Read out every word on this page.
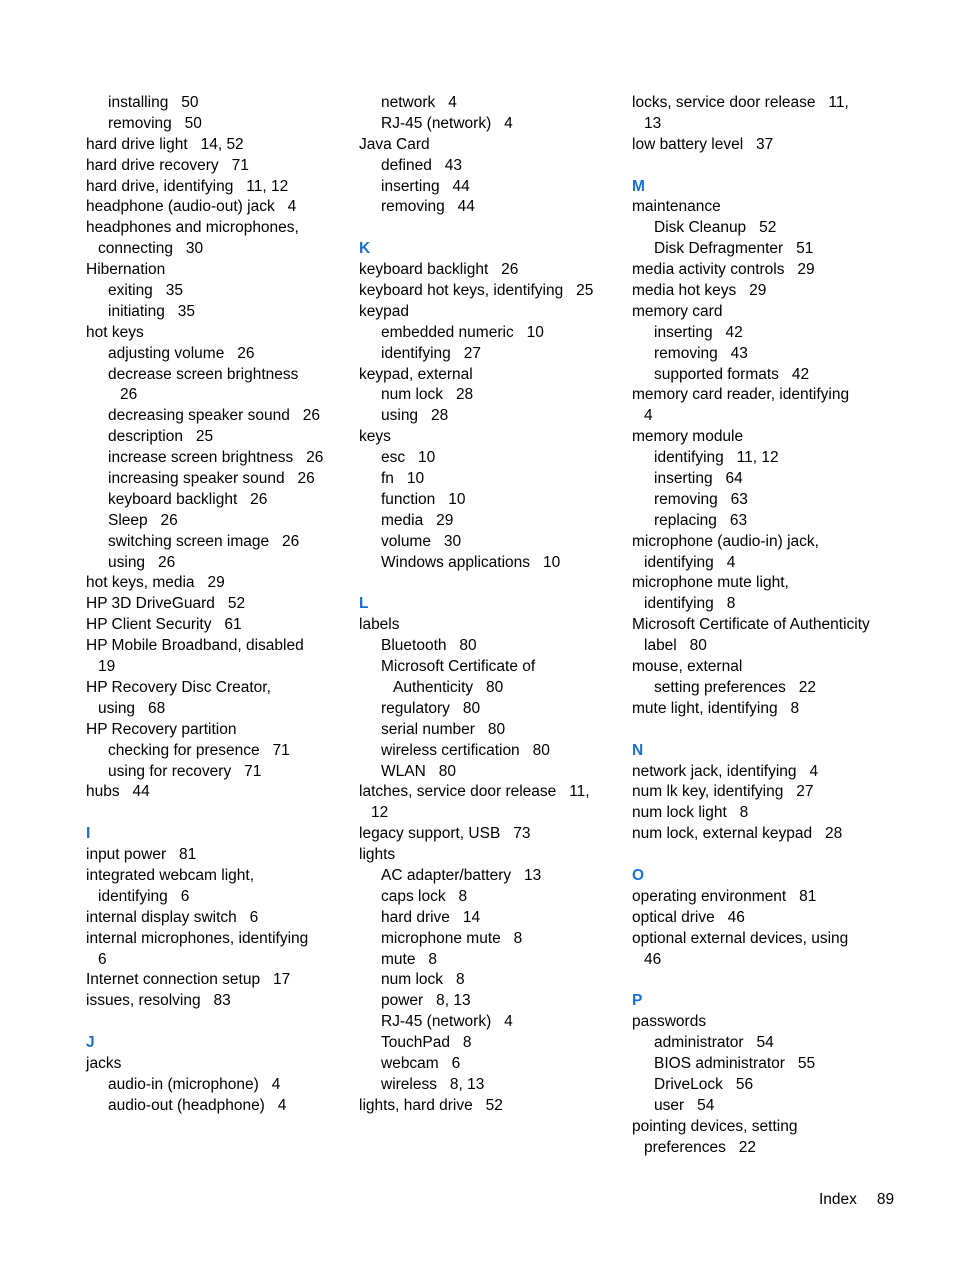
installing   50
removing   50
hard drive light   14, 52
hard drive recovery   71
hard drive, identifying   11, 12
headphone (audio-out) jack   4
headphones and microphones,
connecting   30
Hibernation
exiting   35
initiating   35
hot keys
adjusting volume   26
decrease screen brightness
26
decreasing speaker sound   26
description   25
increase screen brightness   26
increasing speaker sound   26
keyboard backlight   26
Sleep   26
switching screen image   26
using   26
hot keys, media   29
HP 3D DriveGuard   52
HP Client Security   61
HP Mobile Broadband, disabled
19
HP Recovery Disc Creator,
using   68
HP Recovery partition
checking for presence   71
using for recovery   71
hubs   44
I
input power   81
integrated webcam light,
identifying   6
internal display switch   6
internal microphones, identifying
6
Internet connection setup   17
issues, resolving   83
J
jacks
audio-in (microphone)   4
audio-out (headphone)   4
network   4
RJ-45 (network)   4
Java Card
defined   43
inserting   44
removing   44
K
keyboard backlight   26
keyboard hot keys, identifying   25
keypad
embedded numeric   10
identifying   27
keypad, external
num lock   28
using   28
keys
esc   10
fn   10
function   10
media   29
volume   30
Windows applications   10
L
labels
Bluetooth   80
Microsoft Certificate of
Authenticity   80
regulatory   80
serial number   80
wireless certification   80
WLAN   80
latches, service door release   11,
12
legacy support, USB   73
lights
AC adapter/battery   13
caps lock   8
hard drive   14
microphone mute   8
mute   8
num lock   8
power   8, 13
RJ-45 (network)   4
TouchPad   8
webcam   6
wireless   8, 13
lights, hard drive   52
locks, service door release   11,
13
low battery level   37
M
maintenance
Disk Cleanup   52
Disk Defragmenter   51
media activity controls   29
media hot keys   29
memory card
inserting   42
removing   43
supported formats   42
memory card reader, identifying
4
memory module
identifying   11, 12
inserting   64
removing   63
replacing   63
microphone (audio-in) jack,
identifying   4
microphone mute light,
identifying   8
Microsoft Certificate of Authenticity
label   80
mouse, external
setting preferences   22
mute light, identifying   8
N
network jack, identifying   4
num lk key, identifying   27
num lock light   8
num lock, external keypad   28
O
operating environment   81
optical drive   46
optional external devices, using
46
P
passwords
administrator   54
BIOS administrator   55
DriveLock   56
user   54
pointing devices, setting
preferences   22
Index 89
